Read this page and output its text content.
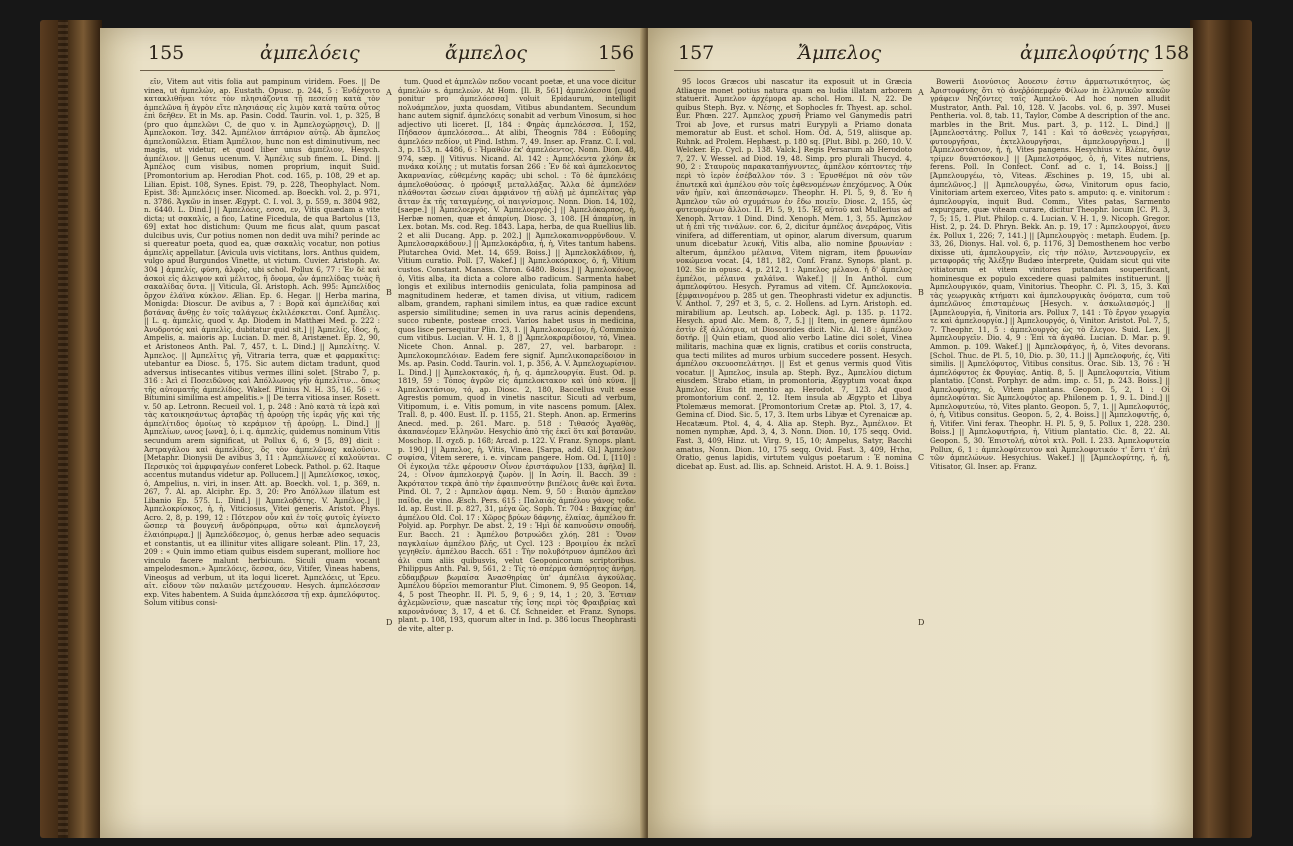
155	ἀμπελόεις	ἄμπελος	156

εῖν, Vitem aut vitis folia aut pampinum viridem. Foes. || De vinea, ut ἀμπελών, ap. Eustath. Opusc. p. 244, 5 : Ἐνδέχοιτο κατακλιθῆναι τότε τὸν πλησιάζοντα τῇ πεσείσῃ κατὰ τὸν ἀμπελῶνα ἢ ἀγρὸν εἴτε πλησιάσας εἰς λιμὸν κατὰ ταῦτα οὗτος ἐπὶ δεῆθεν. Et in Ms. ap. Pasin. Codd. Taurin. vol. 1, p. 325, B (pro quo ἀμπελῶνι C, de quo v. in Ἀμπελοχώρῃσις), D. || Ἀμπελοκοπ. Ἰσχ. 342. Ἀμπέλιον ἀπτάριον αὐτῷ. Ab ἄμπελος ἀμπελοπῶλεια. Etiam Ἀμπέλιον, hunc non est diminutivum, nec magis, ut videtur, et quod liber unus ἀμπέλιον, Hesych. ἀμπέλιον. || Genus ucenum. V. Ἀμπέλις sub finem. L. Dind. || Ἀμπέλος cum visibus, nomen proprium, inquit Suid. [Promontorium ap. Herodian Phot. cod. 165, p. 108, 29 et ap. Lilian. Epist. 108, Synes. Epist. 79, p. 228, Theophylact. Nom. Epist. 38: Ἀμπελόεις inser. Nicomed. ap. Boeckh. vol. 2, p. 971, n. 3786. Ἀγκῶν in inser. Ægypt. C. I. vol. 3, p. 559, n. 3804 982, n. 6440. L. Dind.] || Ἀμπελόεις, εσσα, εν, Vitis quædam a vite dicta; ut σακαλίς, a fico, Latine Ficedula, de qua Bartolus [13, 69] extat hoc distichum: Quum me ficus alat, quum pascat dulcibus uvis, Cur potius nomen non dedit uva mihi? perinde ac si quereatur poeta, quod ea, quæ σακαλὶς vocatur, non potius ἀμπελὶς appellatur. [Avicula uvis victitans, lors. Anthus quidem, vulgo apud Burgundos Vinette, ut victum. Cuvier. Aristoph. Av. 304 ] ἀμπελίς, φύση, ἀλφός, ubi schol. Pollux 6, 77 : Ἐν δὲ καὶ ἀσκοὶ εἰς ἀλειψον καὶ μέλιτος, ἢ ὄνομα, ὧν ἀμπελίδας τινὰς ἢ σακαλίδας ὄντα. || Viticula, Gl. Aristoph. Ach. 995: Ἀμπελίδος ὄρχον ἐλάϊνα κύκλον. Ælian. Ep. 6. Hegar. || Herba marina, Monigda: Dioscur. De avibus a, 7 : Βορᾶ καὶ ἀμπελίδας καὶ βοτάνας ἄνθῃς ἐν τοῖς ταλάγεως ἐκλιλέσκεται. Conf. Ἀμπέλις. || L. q. ἀμπελίς, quod v. Ap. Diodem in Matthæi Med. p. 222 : Ἀνυδροτός καὶ ἀμπελὶς, dubitatur quid sit.] || Ἀμπελίς, ἶδος, ἡ, Ampelis, a. maioris ap. Lucian. D. mer. 8, Aristænet. Ep. 2, 90, et Aristoneos Anth. Pal. 7, 457, t. L. Dind.] || Ἀμπελίτης. V. Ἀμπελος. || Ἀμπελῖτις γῆ, Vitraria terra, quæ et φαρμακῖτις: utebantur ea Diosc. 5, 175. Sic autem dictam tradunt, quod adversus intisecantes vitibus vermes illini solet. [Strabo 7, p. 316 : Ἀεὶ εἰ Ποσειδῶνος καὶ Ἀπόλλωνος γῆν ἀμπελῖτιν... ὅπως τῆς αὐτοματῆς ἀμπελίδος. Wakef. Plinius N. H. 35, 16, 56 : « Bitumini similima est ampelitis.» || De terra vitiosa inser. Rosett. v. 50 ap. Letronn. Recueil vol. 1, p. 248 : Ἀπὸ κατὰ τὰ ἱερὰ καὶ τὰς κατοικησάντως ἀρταβὰς τῇ ἀρούρῃ τῆς ἱερᾶς γῆς καὶ τῆς ἀμπελίτιδος ὁμοίως τὸ κεράμιον τῇ ἀρούρῃ. L. Dind.] || Ἀμπελίων, ωνος [ωνα], ὁ, i. q. ἀμπελίς, quidemus nominum Vitis secundum arem significat, ut Pollux 6, 6, 9 [5, 89] dicit : Ἀστραγάλου καὶ ἀμπελίδες, ὃς τὸν ἀμπελῶνας καλοῦσιν. [Metaphr. Dionysii De avibus 3, 11 : Ἀμπελίωνες εἰ καλοῦνται. Περσικὸς τοὶ ἀμφιφαγέων conferet Lobeck. Pathol. p. 62. Itaque accentus mutandus videtur ap. Pollucem.] || Ἀμπελίσκος, ισκος, ὁ, Ampelius, n. viri, in inser. Att. ap. Boeckh. vol. 1, p. 369, n. 267, 7. Al. ap. Alciphr. Ep. 3, 20: Pro Ἀπόλλων illatum est Libanio Ep. 575. L. Dind.] || Ἀμπελοβάτης. V. Ἀμπέλος.] || Ἀμπελοκρίσκος, ἡ, ἡ, Viticiosus, Vitei generis. Aristot. Phys. Acro. 2, 8, p. 199, 12 : Πότερον οὖν καὶ ἐν τοῖς φυτοῖς ἐγίνετο ὥσπερ τὰ βουγενῆ ἀνδρόπρῳρα, οὕτω καὶ ἀμπελογενῆ ἐλαιόπρῳρα.] || Ἀμπελόδεσμος, ὁ, genus herbæ adeo sequacis et constantis, ut ea illinitur vites alligare soleant. Plin. 17, 23, 209 : « Quin immo etiam quibus eisdem superant, molliore hoc vinculo facere malunt herbicum. Siculi quam vocant ampelodesmon.» Ἀμπελόεις, ὅεσσα, όεν, Vitifer, Vineas habens, Vineosus ad verbum, ut ita loqui liceret. Ἀμπελόεις, ut Ἐρευ. αἰτ. εἶδουν τῶν παλαιῶν μετέχουσαν. Hesych. ἀμπελόεσσαν exp. Vites habentem. A Suida ἀμπελόεσσα τῇ exp. ἀμπελόφυτος. Solum vitibus consi-

A
B
C
D

tum. Quod et ἀμπελῶν πεδον vocant poetæ, et una voce dicitur ἀμπελών s. ἀμπελεών. At Hom. [Il. B, 561] ἀμπελόεσσα [quod ponitur pro ἀμπελόεσσα] voluit Epidaurum, intelligit πολυάμπελον, juxta quosdam, Vitibus abundantem. Secundum hanc autem signif. ἀμπελόεις sonabit ad verbum Vinosum, si hoc adjectivo uti liceret. [I, 184 : Φηρὰς ἀμπελόεσσα. I, 152, Πήδασον ἀμπελόεσσα... At alibi, Theognis 784 : Εὐδομίης ἀμπελόεν πεδίον, ut Pind. Isthm. 7, 49. Inser. ap. Franz. C. I. vol. 3, p. 153, n. 4486, 6 : Ἡμαθῶν ἐκ' ἀμπελόεντος. Nonn. Dion. 48, 974, sæp. || Vitivus. Nicand. Al. 142 : Ἀμπελόεντα χλόην ἐκ πινάκα κοίλης ; ut mutatis forsan 266 : Ἐν δὲ καὶ ἀμπελοεντος Ἀκαρνανίας, εὐθεμένης καρᾶς; ubi schol. : Τὸ δὲ ἀμπελόεις ἀμπελοθούσας. ὁ πρόσφιξ μεταλλάξας. Ἅλλα δὲ ἀμπελόεν πλάθονται ὥσεων εἶναι ἀμφιάνον τῇ αὐλῇ μὲ ἀμπελίτας γὰρ ἄτταν ἐκ τῆς ταταγμένης, οἱ παιγνίσμοις. Nonn. Dion. 14, 102, [saepe.] || Ἀμπελοεργός. V. Ἀμπελοεργός.] || Ἀμπελόκαρπος, ἡ, Herbæ nomen, quæ et ἀπαρίνη. Diosc. 3, 108. [Η ἀπαρίνη, in Lex. botan. Ms. cod. Reg. 1843. Lapa, herba, de qua Ruellius lib. 2 et alii Ducang. App. p. 202.] || Ἀμπελοκαπινορρύνδουν. V. Ἀμπελοσαρκάδουν.] || Ἀμπελοκάρδια, ἡ, ἡ, Vites tantum habens. Plutarchea Ovid. Met. 14, 659. Boiss.] || Ἀμπελοκλάδιον, ἡ, Vitium curatio. Poll. [7, Wakef.] || Ἀμπελοκόρακος, ὁ, ἡ, Vitium custos. Constant. Manass. Chron. 6480. Boiss.] || Ἀμπελοκόνος, ὁ, Vitis alba, ita dicta a colore albo radicum. Sarmenta habet longis et exilibus internodiis geniculata, folia pampinosa ad magnitudinem hederæ, et tamen divisa, ut vitium, radicem albam, grandem, raphani similem intus, ea quæ radice excunt aspersio similitudine; semen in uva rarus acinis dependens, succo rubente, posteae croci. Varios habet usus in medicina, quos lisce persequitur Plin. 23, 1. || Ἀμπελοκομεῖον, ἡ, Commixio cum vitibus. Lucian. V. H. 1, 8 |] Ἀμπελοκραρίδοιον, τό, Vinea. Nicete Chon. Annal. p. 287, 27, vel. barbaropr. : Ἀμπελοκομπελόιαν. Eadem fere signif. Ἀμπελικοπαρείδοιον in Ms. ap. Pasin. Codd. Taurin. vol. 1, p. 356, A. V. Ἀμπελοχωρίσιον. L. Dind.] || Ἀμπελοκτακός, ἡ, ἡ, q. ἀμπελουργία. Eust. Od. p. 1819, 59 : Τόπος ἀγρῶν εἰς ἀμπελοκτακον καὶ ὑπὸ κύνα. || Ἀμπελοκτάσιον, τό, ap. Diosc. 2, 180, Baccellus vult esse Agrestis pomum, quod in vinetis nascitur. Sicuti ad verbum, Vitipomum, i. e. Vitis pomum, in vite nascens pomum. [Alex. Trall. 8, p. 400. Eust. II. p. 1155, 21. Steph. Anon. ap. Ermerins Anecd. med. p. 261. Marc. p. 518 : Τιθασός Ἀγαθὸς, ἀκαπανέομεν Ἑλληνῶν. Hesychio ἀπὸ τῆς ἐκεῖ ὅτι καὶ βοτανῶν. Moschop. II. σχεδ. p. 168; Arcad. p. 122. V. Franz. Synops. plant. p. 190.] || Ἀμπελος, ἡ, Vitis, Vinea. [Sarpa, add. Gl.] Ἀμπελον συφίσα, Vitem serere, i. e. vincam pangere. Hom. Od. I, [110] : Οἱ ἐγκοιλα τέλε φέρουσιν Οἶνον ἐριστάφυλον [133, ἀφῆλα] Il. 24, : Οἶνον ἀμπελοεργᾷ ζωρὸν. || In Ἀσίη. Il. Bacch. 39 : Ἀκρότατον τεκρὰ ἀπὸ τὴν ἐφαιπνσύτην βιπέλοις ἄνθε καὶ ἔντα. Pind. Ol. 7, 2 : Ἀμπελον ἀφαμ. Nem. 9, 50 : Βιαιὸν ἀμπελον παῖδα, de vino. Æsch. Pers. 615 : Παλαιᾶς ἀμπέλου γάνος τοδε. Id. ap. Eust. II. p. 827, 31, μέγα ὥς. Soph. Tr. 704 : Βακχίας ἀπ' ἀμπέλου Old. Col. 17 : Χῶρος βρύων δάφνης, ἐλαίας, ἀμπέλου fr. Polyid. ap. Porphyr. De abst. 2, 19 : Ἡμὶ δὲ καπνοῦσιν σπουδή. Eur. Bacch. 21 : Ἀμπέλου βοτρυώδει χλόῃ. 281 : Ὄνον παγκλαίων ἀμπέλου βλῆς, ut Cycl. 123 : Βροιμίου ἐκ πελεῖ γεγηθεῖν. ἀμπέλου Bacch. 651 : Τὴν πολυβότρυον ἀμπέλου ἀεὶ ἀλι cum aliis quibusvis, velut Geoponicorum scriptoribus. Philippus Anth. Pal. 9, 561, 2 : Τίς τὸ σπέρμα ἀσπόρητος ἀνήρη. εὔδαμβρων βωμαίσα Ἀνασθηρίας ὑπ' ἀμπέλια ἀγκούλας. Ἀμπέλου δύρεῖοι memorantur Plut. Cimonem. 9, 95 Geopon. 14, 4, 5 post Theophr. II. Pl. 5, 9, 6 ; 9, 14, 1 ; 20, 3. Ἐστιαν ἀχλεμῶνεῖσιν, quæ nascatur τῆς ἴσης περὶ τὸς Φραιβρίας καὶ καρονὰνόνας 3, 17, 4 et 6. Cf. Schneider. et Franz. Synops. plant. p. 108, 193, quorum alter in Ind. p. 386 locus Theophrasti de vite, alter p.

157	Ἄμπελος	ἀμπελοφύτης 158

95 locos Græcos ubi nascatur ita exposuit ut in Græcia Atliaque monet potius natura quam ea ludia illatam arborem statuerit. Ἀμπελον ἀρχέμορα ap. schol. Hom. II. N, 22. De quibus Steph. Byz. v. Νέσης, et Sophocles fr. Thyest. ap. schol. Eur. Phœn. 227. Ἀμπελος χρυσῆ Priamo vel Ganymedis patri Troi ab Jove, et rursus matri Eurypyli a Priamo donata memoratur ab Eust. et schol. Hom. Od. A, 519, aliisque ap. Ruhnk. ad Prolem. Hephæst. p. 180 sq. [Plut. Bibl. p. 260, 10. V. Welcker. Ep. Cycl. p. 138. Valck.] Regis Persarum ab Herodoto 7, 27. V. Wessel. ad Diod. 19, 48. Simp. pro plurali Thucyd. 4, 90, 2 : Σταυροὺς παρακαταπήγνυντες, ἀμπέλον κόπτοντες τὴν περὶ τὸ ἱερὸν ἐσέβαλλον τόν. 3 : Ἐρυσθέμοι πᾶ σὸν τῶν ἐπωτεκᾶ καὶ ἀμπέλου σὸν τοῖς ἐφθενομένων ἐπεχόμενος. Ἀ Οὐκ νᾶν ἡμῖν, καὶ ἀπεσπάσωμεν. Theophr. H. Pl. 5, 9, 8. Ἐν ἡ Ἀμπελον τῶν οὐ σχυμάτων ἐν ἔδω ποιεῖν. Diosc. 2, 155, ὡς φυτευομένων ἄλλοι. II. Pl. 5, 9, 15. Ἐξ αὐτοῦ καὶ Mullerius ad Xenoph. Ἄτταν. 1 Dind. Dind. Xenoph. Mem. 1, 3, 55. Ἀμπελον ut ἡ ἐπὶ τῆς τινάλων. cor. 6, 2, dicitur ἀμπέλος ἀνεράρος, Vitis vinifera, ad differentiam, ut opinor, alarum diversum, quarum unum dicebatur λευκή, Vitis alba, alio nomine βρυωνίαν : alterum, ἀμπέλου μέλαινα, Vitem nigram, item βρυωνίαν νοκώμενα vocat. [4, 181, 182, Conf. Franz. Synops. plant. p. 102. Sic in opusc. 4, p. 212, 1 : Ἀμπελος μέλανα. ἡ δ' ἄμπελος ἐμπέλοι, μέλαινα χαλάϊνα. Wakef.] || In Anthol. cum ἀμπελοφύτου. Hesych. Pyramus ad vitem. Cf. Ἀμπελοκονία. [ἐμφαινομένου p. 285 ut gen. Theophrasti videtur ex adjunctis. V. Anthol. 7, 297 et 3, 5, c. 2. Hollens. ad Lyrn. Aristoph. ed. mirabilium ap. Leutsch. ap. Lobeck. Agl. p. 135. p. 1172. Hesych. apud Alc. Mem. 8, 7, 5.] || Item, in genere ἀμπέλου ἐστὶν ἐξ ἀλλότρια, ut Dioscorides dicit. Nic. Al. 18 : ἀμπέλου δοτήρ. || Quin etiam, quod alio verbo Latine dici solet, Vinea militaris, machina quæ ex lignis, cratibus et coriis constructa, qua tecti milites ad muros urbium succedere possent. Hesych. ἀμπέλου σκευοσπελάτησι. || Est et genus vermis quod Vitis vocatur. || Ἀμπελος, insula ap. Steph. Byz., Ἀμπελίου dictum eiusdem. Strabo etiam, in promontoria, Ægyptum vocat ἄκρα Ἀμπελος. Eius fit mentio ap. Herodot. 7, 123. Ad quod promontorium conf. 2, 12. Item insula ab Ægypto et Libya Ptolemæus memorat. [Promontorium Cretæ ap. Ptol. 3, 17, 4. Gemina cf. Diod. Sic. 5, 17, 3. Item urbs Libyæ et Cyrenaicæ ap. Hecatæum. Ptol. 4, 4, 4. Alia ap. Steph. Byz., Ἀμπέλιον. Et nomen nymphæ, Apd. 3, 4, 3. Nonn. Dion. 10, 175 seqq. Ovid. Fast. 3, 409, Hinz. ut. Virg. 9, 15, 10; Ampelus, Satyr, Bacchi amatus, Nonn. Dion. 10, 175 seqq. Ovid. Fast. 3, 409, Ητhα, Oratio, genus lapidis, virtutem vulgus poetarum : Ἐ nomina dicebat ap. Eust. ad. Ilis. ap. Schneid. Aristot. H. A. 9. 1. Boiss.]

A
B
C
D

Bowerii Διονύσιος Ἀουεσιν ἐστιν ἀρματωτικότητος, ὡς Ἀριστοφάνης ὅτι τὸ ἀνεῤῥόπεμφέν Φίλων in ἑλληνικῶν κακῶν γράφειν Νηζόντες ταῖς Ἀμπελοῦ. Ad hoc nomen alludit Mustrator, Anth. Pal. 10, 128. V. Jacobs. vol. 6, p. 397. Musei Pentheria. vol. 8, tab. 11, Taylor, Combe A description of the anc. marbles in the Brit. Mus. part. 3, p. 112. L. Dind.] || [Ἀμπελοστάτης. Pollux 7, 141 : Καὶ τὸ ἀσθενὲς γεωργῆσαι, φυτουργῆσαι, ἐκτελλουργῆσαι, ἀμπελουργῆσαι.] || [Ἀμπελοστάσιον, ἡ, ἡ, Vites pangens. Hesychius v. Βλέπε, ὄψιν τρίμεν δυνατόσκον.] || [Ἀμπελοτρόφος, ὁ, ἡ, Vites nutriens, ferens. Poll. In Confect. Conf. ad c. 1, 14. Boiss.] || [Ἀμπελουργέω, τὸ, Viteas. Æschines p. 19, 15, ubi al. ἀμπελῶνος.] || Ἀμπελουργέω, ὤσω, Vinitorum opus facio, Vinitoriam artem exerceo, Vites pato s. amputo: q. e. vinitorum : ἀμπελουργία, inquit Bud. Comm., Vites patas, Sarmento expurgare, quæ viteam curare, dicitur Theophr. locum [C. Pl. 3, 7, 5; 15, 1. Plut. Philop. c. 4. Lucian. V. H. 1, 9. Nicoph. Gregor. Hist. 2, p. 24. D. Phryn. Bekk. An. p. 19, 17 : Ἀμπελουργοί, ἄνευ ἐκ. Pollux 1, 226; 7, 141.] || [Ἀμπελουργὸς : metaph. Eudem. [p. 33, 26, Dionys. Hal. vol. 6, p. 1176, 3] Demosthenem hoc verbo dixisse uti, ἀμπελουργεῖν, εἰς τὴν πόλιν, Ἀντενουργεῖν, ex μεταφορᾶς τῆς Ἀλέξην Budæo interprete, Quidam sicut qui vite vitiatorum et vitem vinitores putandam souperificant, hominesque ex populo excedere quasi palmites instituerunt. || Ἀμπελουργικόν, quam, Vinitorius. Theophr. C. Pl. 3, 15, 3. Καὶ τὰς γεωργικὰς κτήματι καὶ ἀμπελουργικὰς ὀνόματα, cum τοῦ ἀμπελῶνος ἐπισταμένως [Hesych. v. ἀσκωλιασμός.] || [Ἀμπελουργία, ἡ, Vinitoria ars. Pollux 7, 141 : Τὸ ἔργον γεωργία τε καὶ ἀμπελουργία.] || Ἀμπελουργός, ὁ, Vinitor. Aristot. Pol. 7, 5, 7. Theophr. 11, 5 : ἀμπελουργὸς ὡς τὸ ἔλεγον. Suid. Lex. || Ἀμπελουργεῖν. Dio. 4, 9 : Ἐπὶ τὰ ἀγαθά. Lucian. D. Mar. p. 9. Ammon. p. 109. Wakef.] || Ἀμπελοφάγος, ἡ, ὁ, Vites devorans. [Schol. Thuc. de Pl. 5, 10, Dio. p. 30, 11.] || Ἀμπελοφυής, ές, Viti similis. || Ἀμπελόφυτος, Vitibus consitus. Orac. Sib. 13, 76 : Ἡ ἀμπελόφυτος ἐκ Φρυγίας. Antiq. 8, 5. || Ἀμπελοφυτεία, Vitium plantatio. [Const. Porphyr. de adm. imp. c. 51, p. 243. Boiss.] || Ἀμπελοφύτης, ὁ, Vitem plantans. Geopon. 5, 2, 1 : Οἱ ἀμπελοφύται. Sic Ἀμπελοφύτος ap. Philonem p. 1, 9. L. Dind.] || Ἀμπελοφυτεύω, τὸ, Vites planto. Geopon. 5, 7, 1. || Ἀμπελοφυτός, ὁ, ἡ, Vitibus consitus. Geopon. 5, 2, 4. Boiss.] || Ἀμπελοφυτῆς, ὁ, ἡ, Vitifer. Vini ferax. Theophr. H. Pl. 5, 9, 5. Pollux 1, 228. 230. Boiss.] || Ἀμπελοφυτήρια, ἡ, Vitium plantatio. Cic. 8, 22. Al. Geopon. 5, 30. Ἐπιστολή, αὐτοὶ κτλ. Poll. I. 233. Ἀμπελοφυτεία Pollux, 6, 1 : ἀμπελοφύτευτον καὶ Ἀμπελοφυτικόν τ' ἔστι τ' ἐπὶ τῶν ἀμπελώνων. Hesychius. Wakef.] || [Ἀμπελοφύτης, ἡ, ἡ, Vitisator, Gl. Inser. ap. Franz.
